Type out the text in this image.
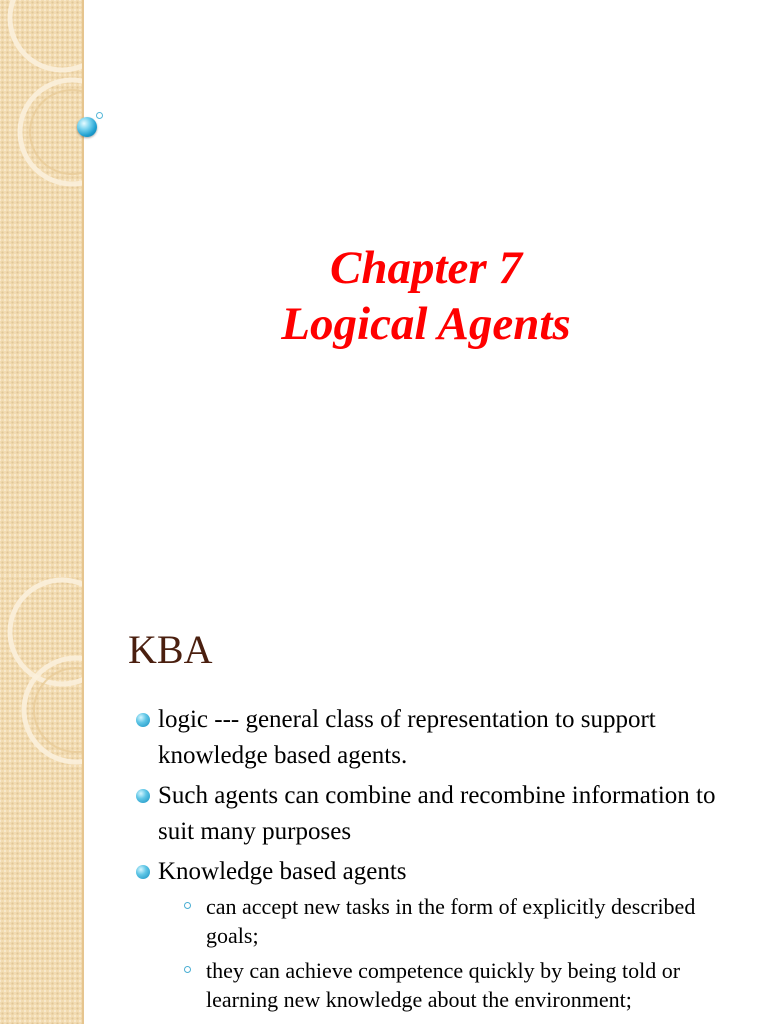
Chapter 7
Logical Agents
KBA
logic --- general class of representation to support knowledge based agents.
Such agents can combine and recombine information to suit many purposes
Knowledge based agents
can accept new tasks in the form of explicitly described goals;
they can achieve competence quickly by being told or learning new knowledge about the environment;
